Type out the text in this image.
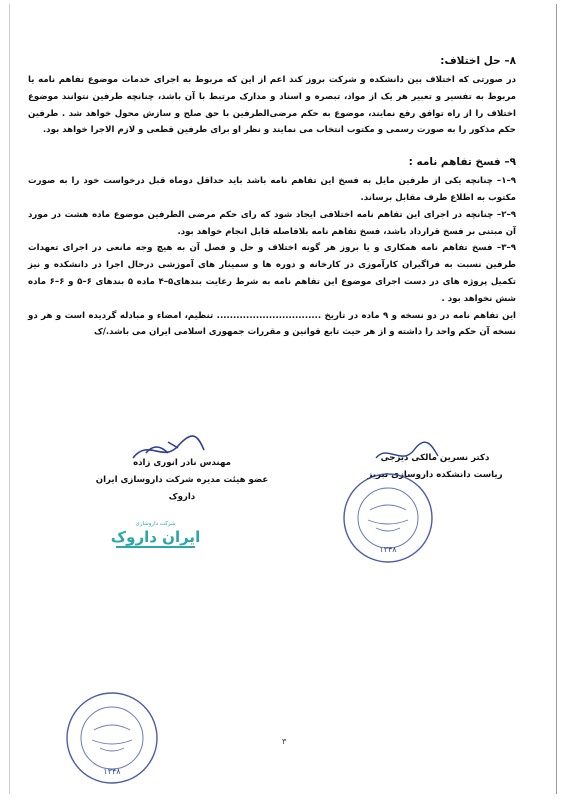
۸– حل اختلاف:

در صورتی که اختلاف بین دانشکده و شرکت بروز کند اعم از این که مربوط به اجرای خدمات موضوع تفاهم نامه یا مربوط به تفسیر و تعبیر هر یک از مواد، تبصره و اسناد و مدارک مرتبط با آن باشد، چنانچه طرفین نتوانند موضوع اختلاف را از راه توافق رفع نمایند، موضوع به حکم مرضی‌الطرفین با حق صلح و سازش محول خواهد شد . طرفین حکم مذکور را به صورت رسمی و مکتوب انتخاب می نمایند و نظر او برای طرفین قطعی و لازم الاجرا خواهد بود.

۹– فسخ تفاهم نامه :

۹–۱– چنانچه یکی از طرفین مایل به فسخ این تفاهم نامه باشد باید حداقل دوماه قبل درخواست خود را به صورت مکتوب به اطلاع طرف مقابل برساند.

۹–۲– چنانچه در اجرای این تفاهم نامه اختلافی ایجاد شود که رای حکم مرضی الطرفین موضوع ماده هشت در مورد آن مبتنی بر فسخ قرارداد باشد، فسخ تفاهم نامه بلافاصله قابل انجام خواهد بود.

۹–۳– فسخ تفاهم نامه همکاری و یا بروز هر گونه اختلاف و حل و فصل آن به هیچ وجه مانعی در اجرای تعهدات طرفین نسبت به فراگیران کارآموزی در کارخانه و دوره ها و سمینار های آموزشی درحال اجرا در دانشکده و نیز تکمیل پروژه های در دست اجرای موضوع این تفاهم نامه به شرط رعایت بندهای۵–۴ ماده ۵ بندهای ۶–۵ و ۶–۶ ماده شش نخواهد بود .

این تفاهم نامه در دو نسخه و ۹ ماده در تاریخ ................................ تنظیم، امضاء و مبادله گردیده است و هر دو نسخه آن حکم واحد را داشته و از هر حیث تابع قوانین و مقررات جمهوری اسلامی ایران می باشد./ک

دکتر نسرین مالکی دیزجی
ریاست دانشکده داروسازی تبریز
مهندس نادر انوری زاده
عضو هیئت مدیره شرکت داروسازی ایران داروک
شرکت داروسازی
ایران داروک
۱۳۴۸
۱۳۴۸
۳
